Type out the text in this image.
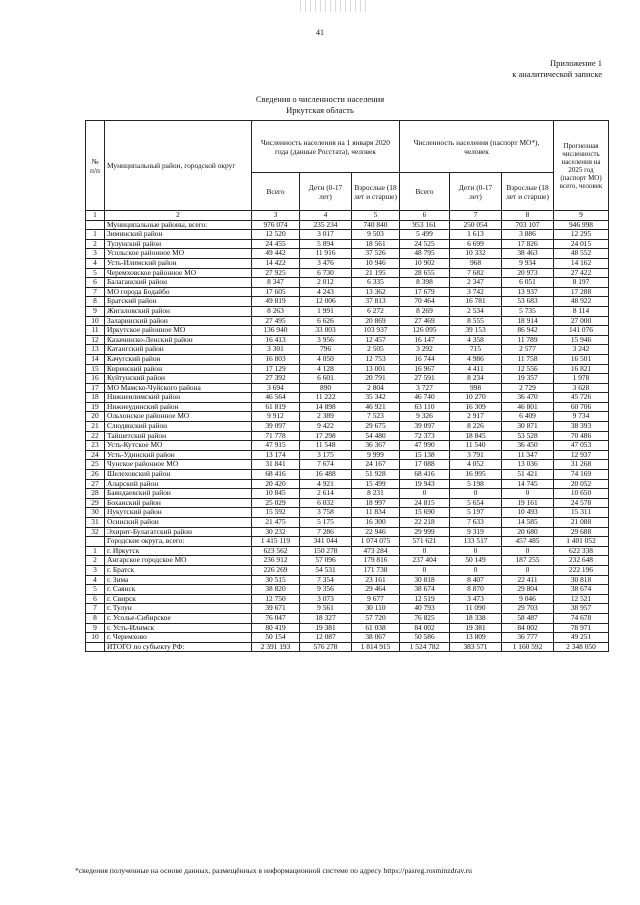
41
Приложение 1
к аналитической записке
Сведения о численности населения
Иркутская область
№ п/п	Муниципальный район, городской округ	Численность населения на 1 января 2020 года (данные Росстата), человек			Численность населения (паспорт МО*), человек			Прогнозная численность населения на 2025 год (паспорт МО) всего, человек
		Всего	Дети (0-17 лет)	Взрослые (18 лет и старше)	Всего	Дети (0-17 лет)	Взрослые (18 лет и старше)	
1	2	3	4	5	6	7	8	9
	Муниципальные районы, всего:	976 074	235 234	740 840	953 161	250 054	703 107	946 998
1	Зиминский район	12 520	3 017	9 503	5 499	1 613	3 886	12 295
2	Тулунский район	24 455	5 894	18 561	24 525	6 699	17 826	24 015
3	Усольское районное МО	49 442	11 916	37 526	48 795	10 332	38 463	48 552
4	Усть-Илимский район	14 422	3 476	10 946	10 902	968	9 934	14 162
5	Черемховское районное МО	27 925	6 730	21 195	28 655	7 682	20 973	27 422
6	Балаганский район	8 347	2 012	6 335	8 398	2 347	6 051	8 197
7	МО города Бодайбо	17 605	4 243	13 362	17 679	3 742	13 937	17 288
8	Братский район	49 819	12 006	37 813	70 464	16 781	53 683	48 922
9	Жигаловский район	8 263	1 991	6 272	8 269	2 534	5 735	8 114
10	Заларинский район	27 495	6 626	20 869	27 469	8 555	18 914	27 000
11	Иркутское районное МО	136 940	33 003	103 937	126 095	39 153	86 942	141 076
12	Казачинско-Ленский район	16 413	3 956	12 457	16 147	4 358	11 789	15 946
13	Катангский район	3 301	796	2 505	3 292	715	2 577	3 242
14	Качугский район	16 803	4 050	12 753	16 744	4 986	11 758	16 501
15	Киренский район	17 129	4 128	13 001	16 967	4 411	12 556	16 821
16	Куйтунский район	27 392	6 601	20 791	27 591	8 234	19 357	1 978
17	МО Мамско-Чуйского района	3 694	890	2 804	3 727	998	2 729	3 628
18	Нижнеилимский район	46 564	11 222	35 342	46 740	10 270	36 470	45 726
19	Нижнеудинский район	61 819	14 898	46 921	63 110	16 309	46 801	60 706
20	Ольхонское районное МО	9 912	2 389	7 523	9 326	2 917	6 409	9 734
21	Слюдянский район	39 097	9 422	29 675	39 097	8 226	30 871	38 393
22	Тайшетский район	71 778	17 298	54 480	72 373	18 845	53 528	70 486
23	Усть-Кутское МО	47 915	11 548	36 367	47 990	11 540	36 450	47 053
24	Усть-Удинский район	13 174	3 175	9 999	15 138	3 791	11 347	12 937
25	Чунское районное МО	31 841	7 674	24 167	17 088	4 052	13 036	31 268
26	Шелеховский район	68 416	16 488	51 928	68 416	16 995	51 421	74 169
27	Аларский район	20 420	4 921	15 499	19 943	5 198	14 745	20 052
28	Баяндаевский район	10 845	2 614	8 231	0	0	0	10 650
29	Боханский район	25 029	6 032	18 997	24 815	5 654	19 161	24 578
30	Нукутский район	15 592	3 758	11 834	15 690	5 197	10 493	15 311
31	Осинский район	21 475	5 175	16 300	22 218	7 633	14 585	21 088
32	Эхирит-Булагатский район	30 232	7 286	22 946	29 999	9 319	20 680	29 688
	Городские округа, всего:	1 415 119	341 044	1 074 075	571 621	133 517	457 485	1 401 052
1	г. Иркутск	623 562	150 278	473 284	0	0	0	622 338
2	Ангарское городское МО	236 912	57 096	179 816	237 404	50 149	187 255	232 648
3	г. Братск	226 269	54 531	171 738	0	0	0	222 196
4	г. Зима	30 515	7 354	23 161	30 818	8 407	22 411	30 818
5	г. Саянск	38 820	9 356	29 464	38 674	8 870	29 804	38 674
6	г. Свирск	12 750	3 073	9 677	12 519	3 473	9 046	12 521
7	г. Тулун	39 671	9 561	30 110	40 793	11 090	29 703	38 957
8	г. Усолье-Сибирское	76 047	18 327	57 720	76 825	18 338	58 487	74 678
9	г. Усть-Илимск	80 419	19 381	61 038	84 002	19 381	84 002	78 971
10	г. Черемхово	50 154	12 087	38 067	50 586	13 809	36 777	49 251
	ИТОГО по субъекту РФ:	2 391 193	576 278	1 814 915	1 524 782	383 571	1 160 592	2 348 050
*сведения полученные на основе данных, размещённых в информационной системе по адресу https://pasreg.rosminzdrav.ru
